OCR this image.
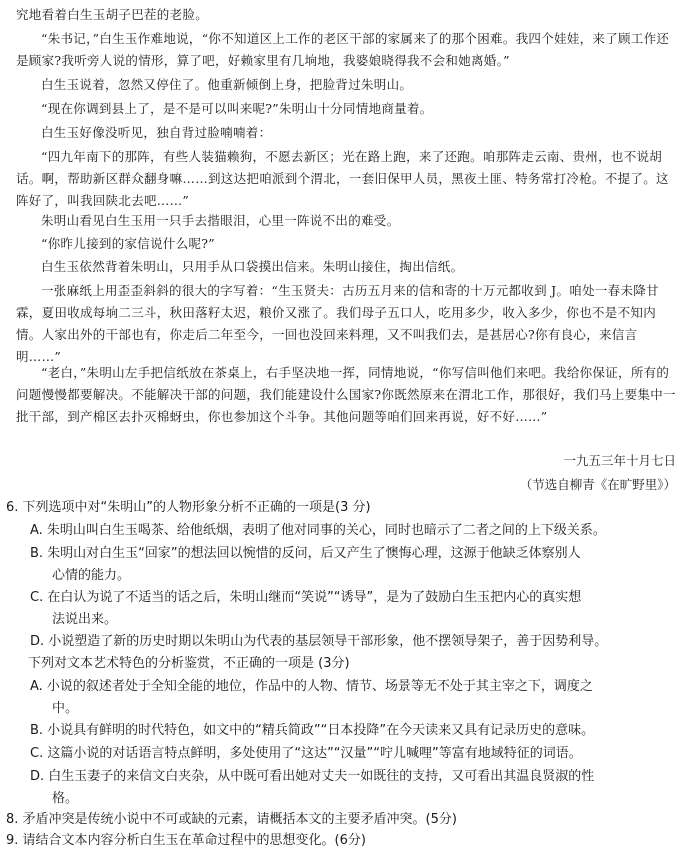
究地看着白生玉胡子巴茬的老脸。
“朱书记，”白生玉作难地说，“你不知道区上工作的老区干部的家属来了的那个困难。我四个娃娃，来了顾工作还是顾家?我听旁人说的情形，算了吧，好赖家里有几垧地，我婆娘晓得我不会和她离婚。”
白生玉说着，忽然又停住了。他重新倾倒上身，把脸背过朱明山。
“现在你调到县上了，是不是可以叫来呢?”朱明山十分同情地商量着。
白生玉好像没听见，独自背过脸喃喃着：
“四九年南下的那阵，有些人装猫赖狗，不愿去新区；光在路上跑，来了还跑。咱那阵走云南、贵州，也不说胡话。啊，帮助新区群众翻身嘛……到这达把咱派到个渭北，一套旧保甲人员，黑夜土匪、特务常打冷枪。不提了。这阵好了，叫我回陕北去吧……”
朱明山看见白生玉用一只手去揩眼泪，心里一阵说不出的难受。
“你昨儿接到的家信说什么呢?”
白生玉依然背着朱明山，只用手从口袋摸出信来。朱明山接住，掏出信纸。
一张麻纸上用歪歪斜斜的很大的字写着：“生玉贤夫：古历五月来的信和寄的十万元都收到 J。咱处一春未降甘霖，夏田收成每垧二三斗，秋田落籽太迟，粮价又涨了。我们母子五口人，吃用多少，收入多少，你也不是不知内情。人家出外的干部也有，你走后二年至今，一回也没回来料理，又不叫我们去，是甚居心?你有良心，来信言明……”
“老白，”朱明山左手把信纸放在茶桌上，右手坚决地一挥，同情地说，“你写信叫他们来吧。我给你保证，所有的问题慢慢都要解决。不能解决干部的问题，我们能建设什么国家?你既然原来在渭北工作，那很好，我们马上要集中一批干部，到产棉区去扑灭棉蚜虫，你也参加这个斗争。其他问题等咱们回来再说，好不好……”
一九五三年十月七日
（节选自柳青《在旷野里》）
6. 下列选项中对“朱明山”的人物形象分析不正确的一项是(3 分)
A. 朱明山叫白生玉喝茶、给他纸烟，表明了他对同事的关心，同时也暗示了二者之间的上下级关系。
B. 朱明山对白生玉“回家”的想法回以惋惜的反问，后又产生了懊悔心理，这源于他缺乏体察别人
心情的能力。
C. 在白认为说了不适当的话之后，朱明山继而“笑说”“诱导”，是为了鼓励白生玉把内心的真实想
法说出来。
D. 小说塑造了新的历史时期以朱明山为代表的基层领导干部形象，他不摆领导架子，善于因势利导。
下列对文本艺术特色的分析鉴赏，不正确的一项是 (3分)
A. 小说的叙述者处于全知全能的地位，作品中的人物、情节、场景等无不处于其主宰之下，调度之
中。
B. 小说具有鲜明的时代特色，如文中的“精兵简政”“日本投降”在今天读来又具有记录历史的意味。
C. 这篇小说的对话语言特点鲜明，多处使用了“这达”“汉量”“咛儿喊哩”等富有地域特征的词语。
D. 白生玉妻子的来信文白夹杂，从中既可看出她对丈夫一如既往的支持，又可看出其温良贤淑的性
格。
8. 矛盾冲突是传统小说中不可或缺的元素，请概括本文的主要矛盾冲突。(5分)
9. 请结合文本内容分析白生玉在革命过程中的思想变化。(6分)
